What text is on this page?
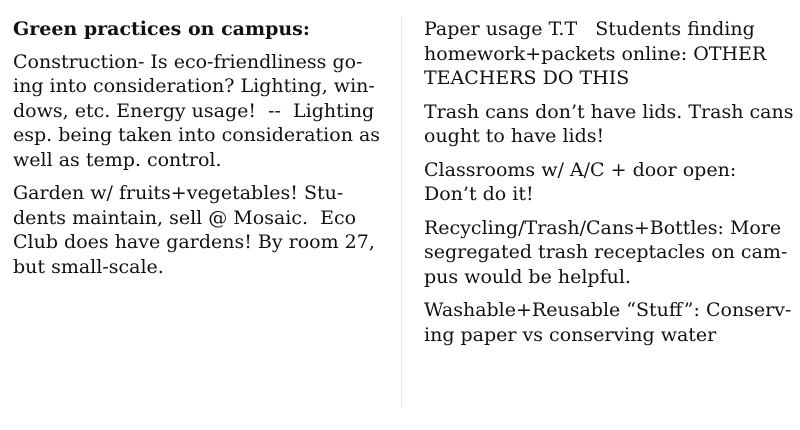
Green practices on campus:
Construction- Is eco-friendliness go-
ing into consideration? Lighting, win-
dows, etc. Energy usage!  --  Lighting
esp. being taken into consideration as
well as temp. control.
Garden w/ fruits+vegetables! Stu-
dents maintain, sell @ Mosaic.  Eco
Club does have gardens! By room 27,
but small-scale.
Paper usage T.T   Students finding
homework+packets online: OTHER
TEACHERS DO THIS
Trash cans don’t have lids. Trash cans
ought to have lids!
Classrooms w/ A/C + door open:
Don’t do it!
Recycling/Trash/Cans+Bottles: More
segregated trash receptacles on cam-
pus would be helpful.
Washable+Reusable “Stuff”: Conserv-
ing paper vs conserving water
